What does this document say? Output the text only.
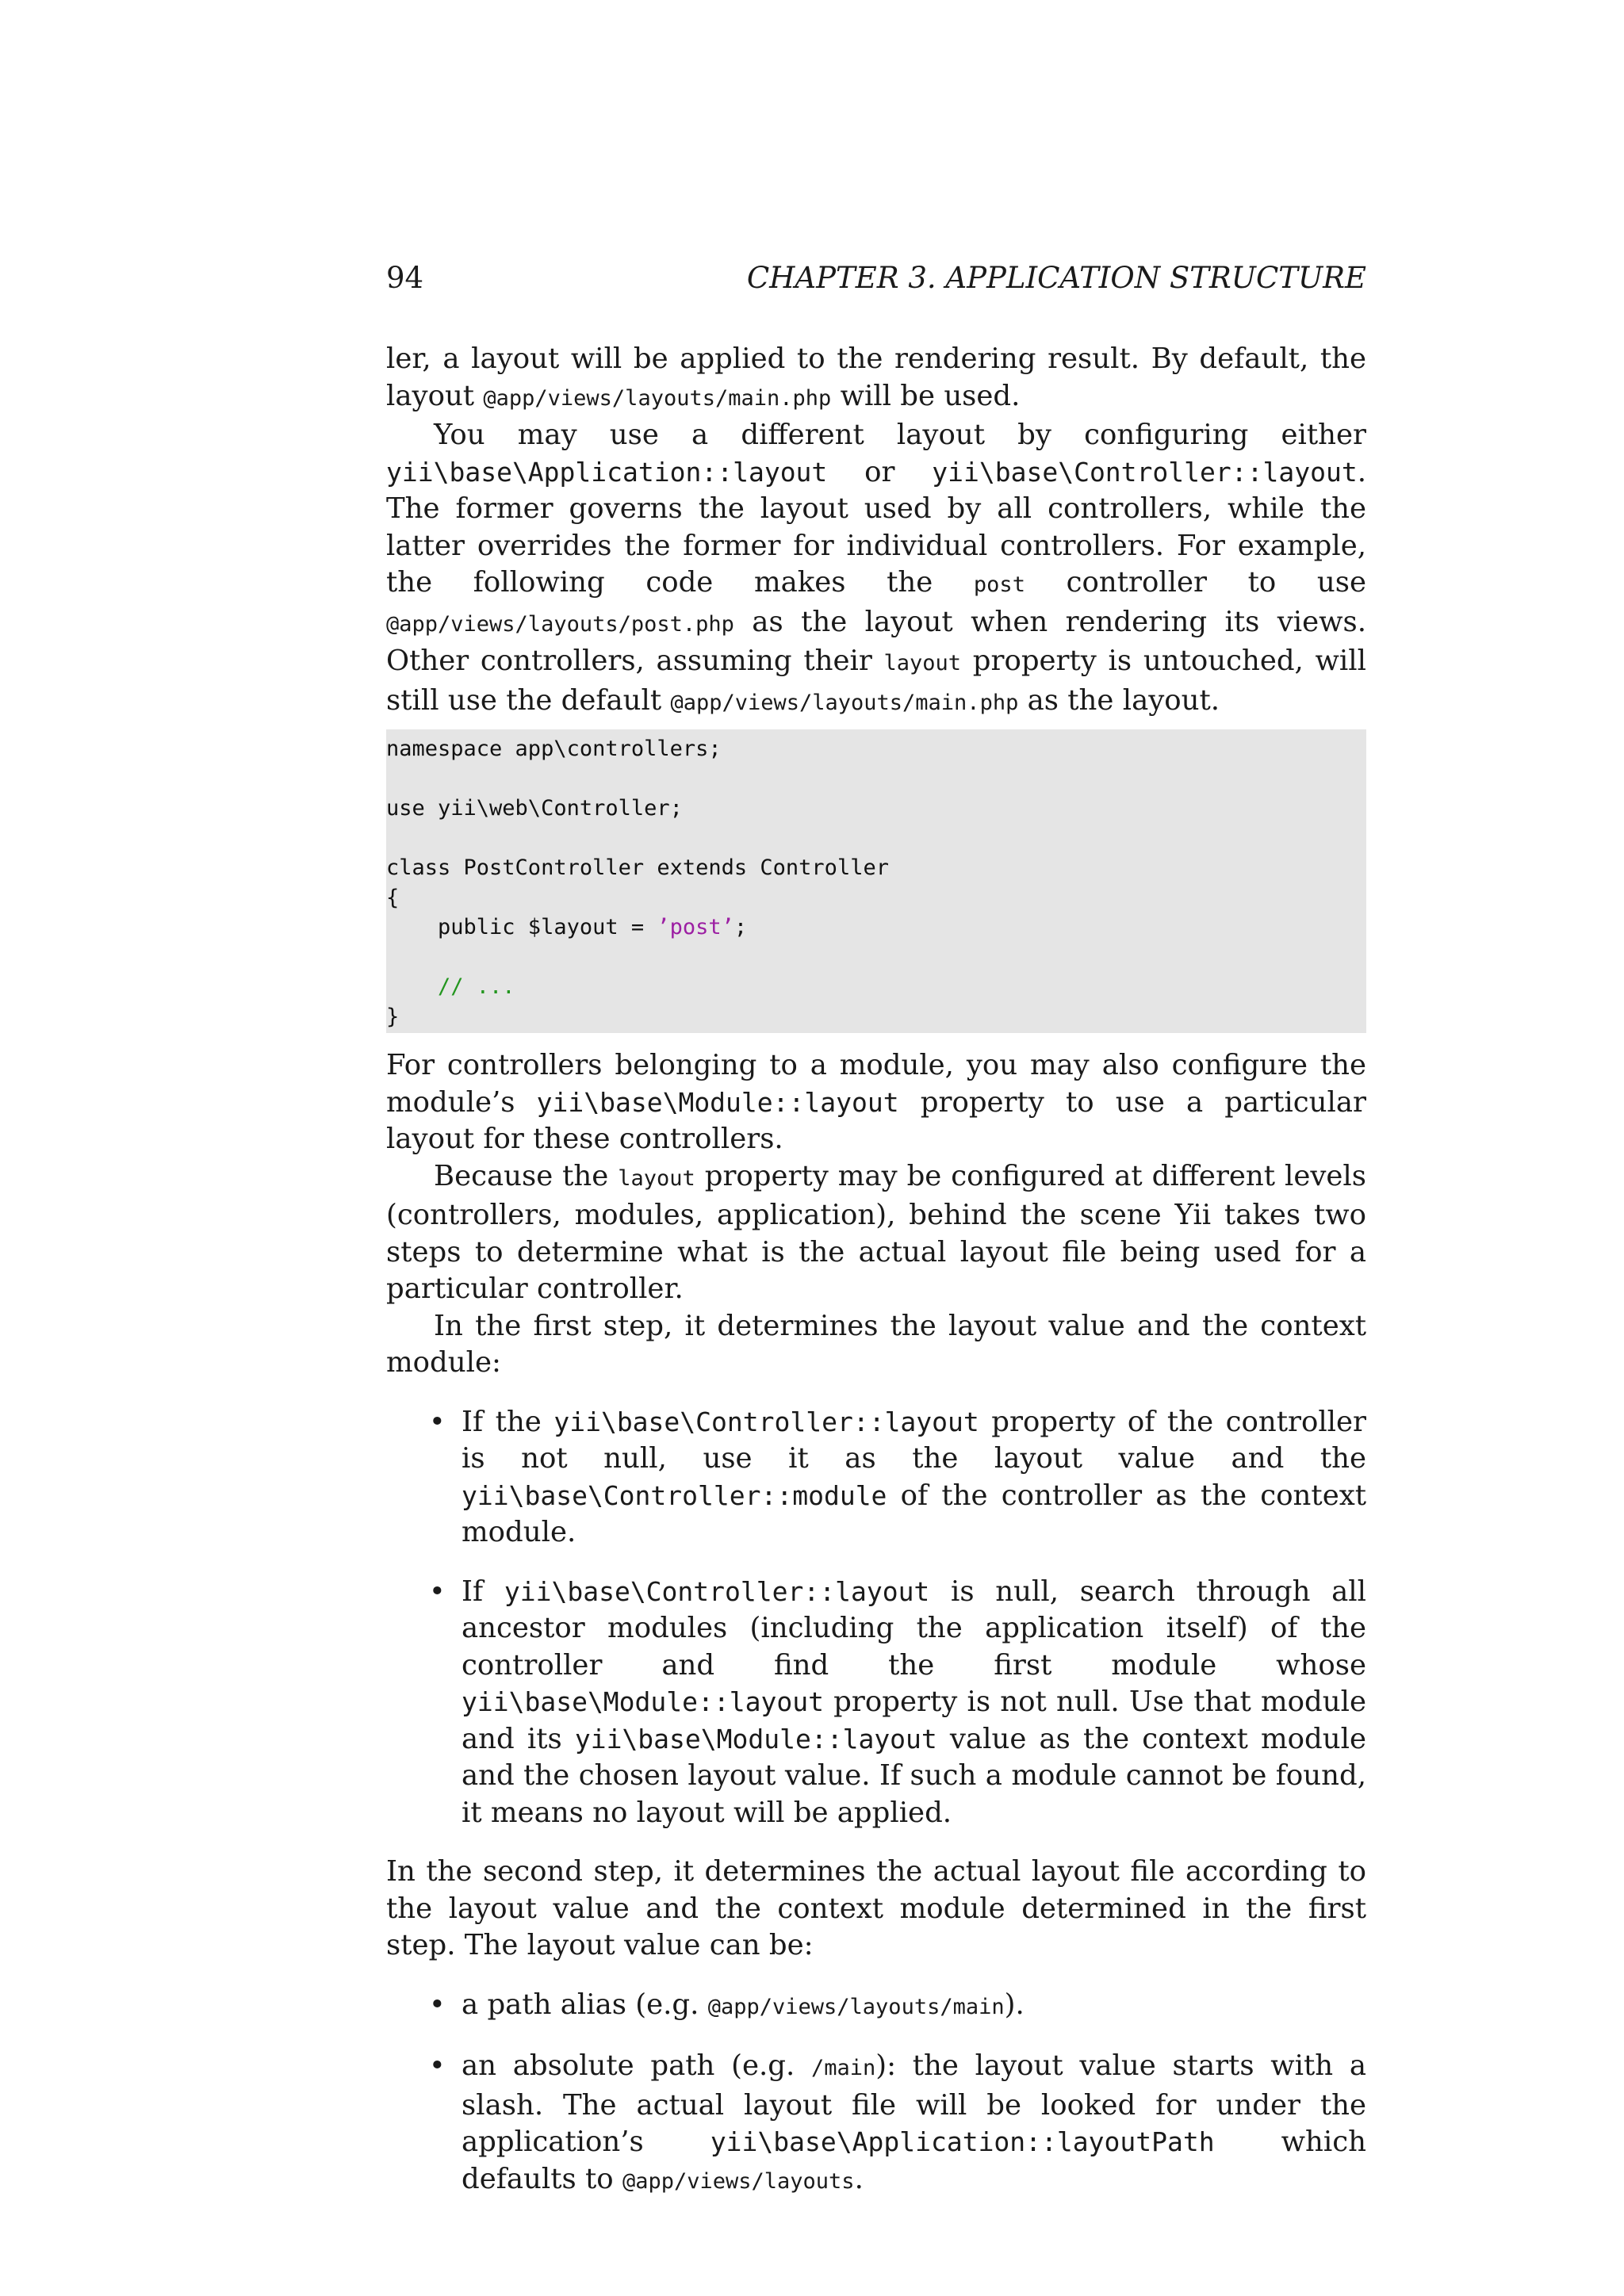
94	CHAPTER 3. APPLICATION STRUCTURE

ler, a layout will be applied to the rendering result. By default, the layout @app/views/layouts/main.php will be used.

You may use a different layout by configuring either yii\base\Application::layout or yii\base\Controller::layout. The former governs the layout used by all controllers, while the latter overrides the former for individual controllers. For example, the following code makes the post controller to use @app/views/layouts/post.php as the layout when rendering its views. Other controllers, assuming their layout property is untouched, will still use the default @app/views/layouts/main.php as the layout.

namespace app\controllers;
use yii\web\Controller;
class PostController extends Controller
{
public $layout = ’post’;
// ...
}

For controllers belonging to a module, you may also configure the module’s yii\base\Module::layout property to use a particular layout for these controllers.

Because the layout property may be configured at different levels (controllers, modules, application), behind the scene Yii takes two steps to determine what is the actual layout file being used for a particular controller.

In the first step, it determines the layout value and the context module:

• If the yii\base\Controller::layout property of the controller is not null, use it as the layout value and the yii\base\Controller::module of the controller as the context module.
• If yii\base\Controller::layout is null, search through all ancestor modules (including the application itself) of the controller and find the first module whose yii\base\Module::layout property is not null. Use that module and its yii\base\Module::layout value as the context module and the chosen layout value. If such a module cannot be found, it means no layout will be applied.

In the second step, it determines the actual layout file according to the layout value and the context module determined in the first step. The layout value can be:

• a path alias (e.g. @app/views/layouts/main).
• an absolute path (e.g. /main): the layout value starts with a slash. The actual layout file will be looked for under the application’s yii\base\Application::layoutPath which defaults to @app/views/layouts.
